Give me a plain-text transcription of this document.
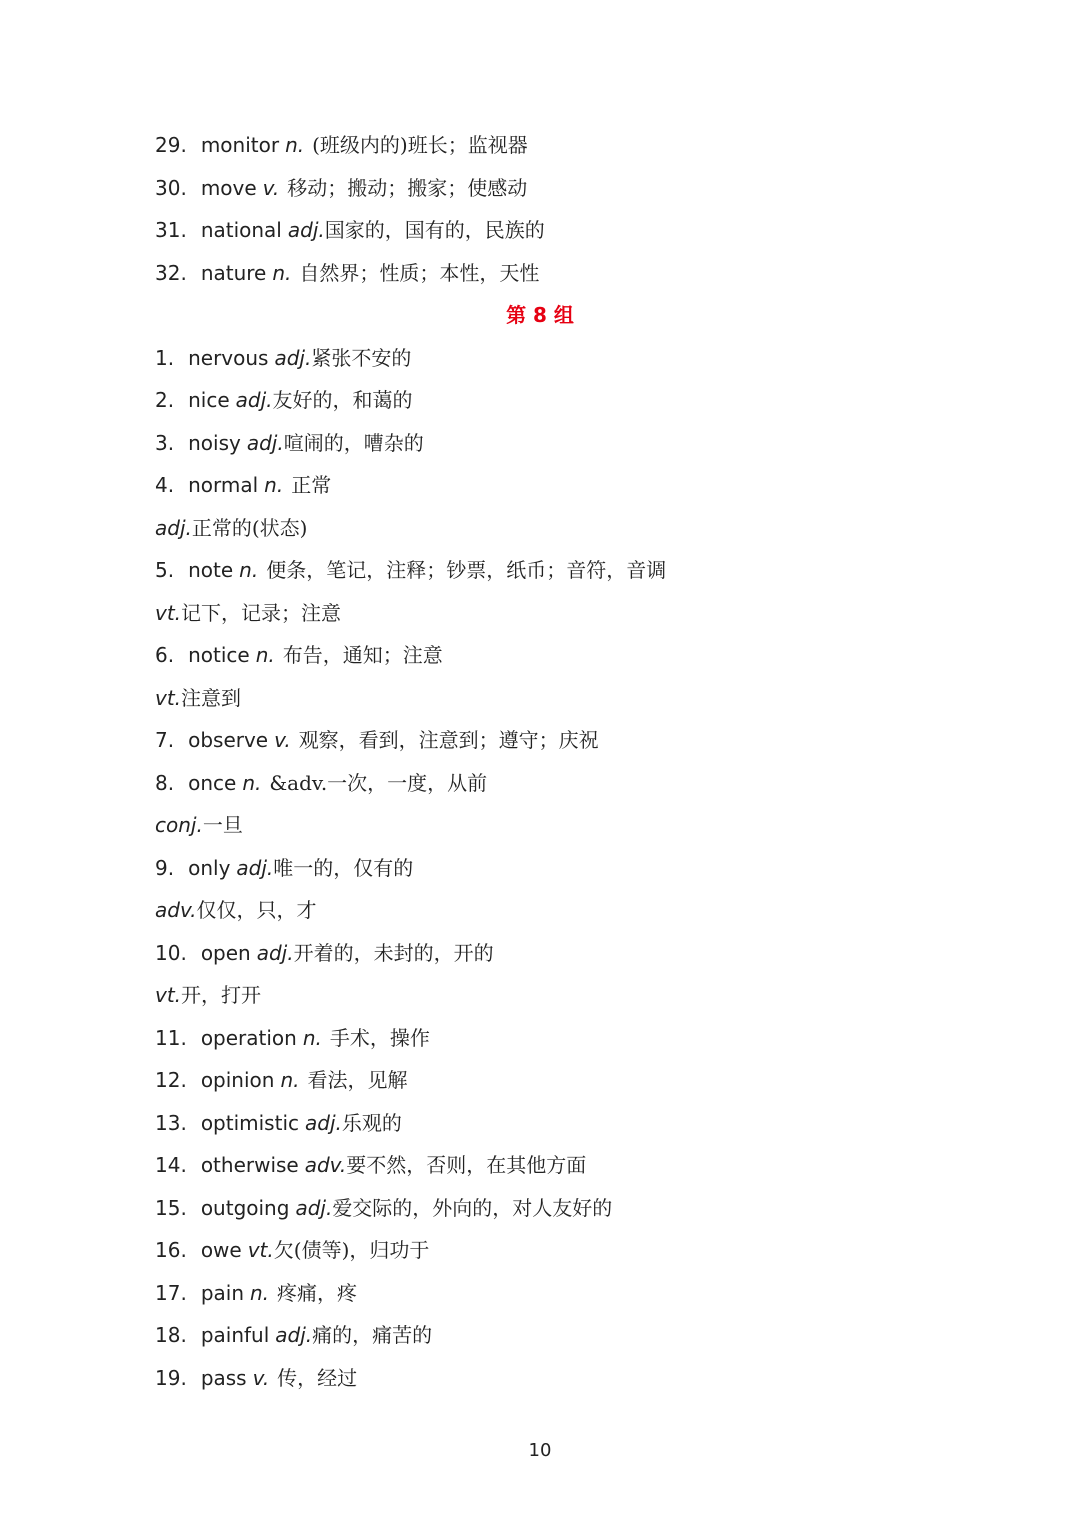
29. monitor n. (班级内的)班长；监视器
30. move v. 移动；搬动；搬家；使感动
31. national adj.国家的，国有的，民族的
32. nature n. 自然界；性质；本性，天性
第 8 组
1. nervous adj.紧张不安的
2. nice adj.友好的，和蔼的
3. noisy adj.喧闹的，嘈杂的
4. normal n. 正常
adj.正常的(状态)
5. note n. 便条，笔记，注释；钞票，纸币；音符，音调
vt.记下，记录；注意
6. notice n. 布告，通知；注意
vt.注意到
7. observe v. 观察，看到，注意到；遵守；庆祝
8. once n. &adv.一次，一度，从前
conj.一旦
9. only adj.唯一的，仅有的
adv.仅仅，只，才
10. open adj.开着的，未封的，开的
vt.开，打开
11. operation n. 手术，操作
12. opinion n. 看法，见解
13. optimistic adj.乐观的
14. otherwise adv.要不然，否则，在其他方面
15. outgoing adj.爱交际的，外向的，对人友好的
16. owe vt.欠(债等)，归功于
17. pain n. 疼痛，疼
18. painful adj.痛的，痛苦的
19. pass v. 传，经过
10
